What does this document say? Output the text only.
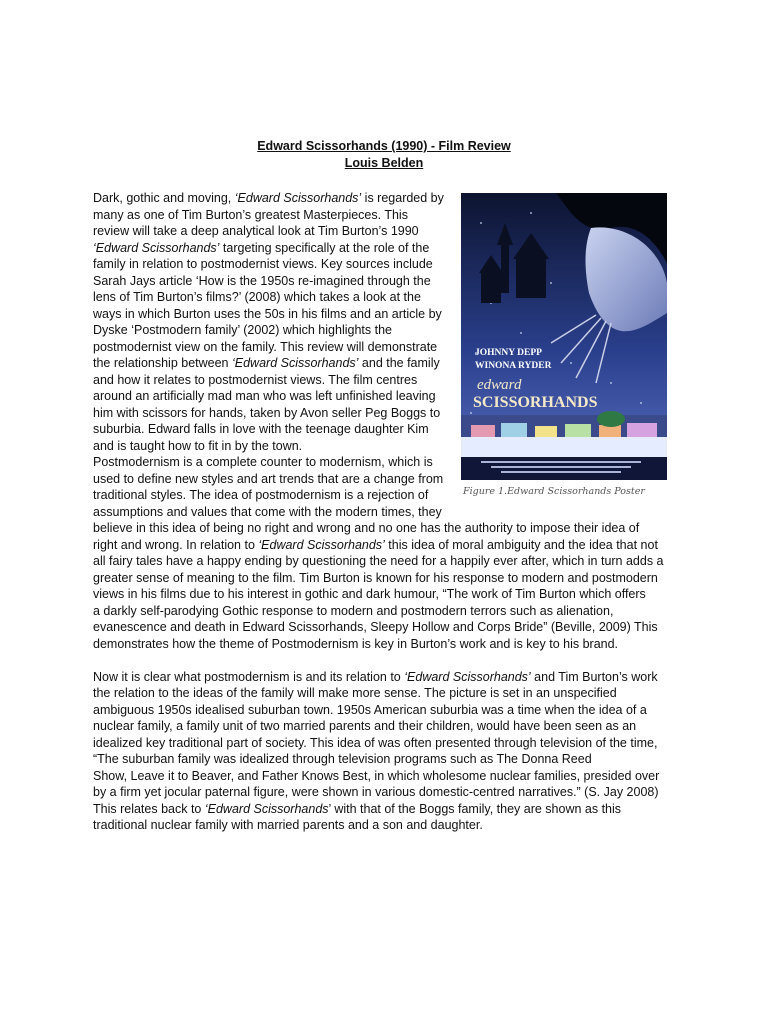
Edward Scissorhands (1990) - Film Review
Louis Belden
JOHNNY DEPP
WINONA RYDER
edward
SCISSORHANDS
Figure 1.Edward Scissorhands Poster
Dark, gothic and moving, ‘Edward Scissorhands’ is regarded by
many as one of Tim Burton’s greatest Masterpieces. This
review will take a deep analytical look at Tim Burton’s 1990
‘Edward Scissorhands’ targeting specifically at the role of the
family in relation to postmodernist views. Key sources include
Sarah Jays article ‘How is the 1950s re-imagined through the
lens of Tim Burton’s films?’ (2008) which takes a look at the
ways in which Burton uses the 50s in his films and an article by
Dyske ‘Postmodern family’ (2002) which highlights the
postmodernist view on the family. This review will demonstrate
the relationship between ‘Edward Scissorhands’ and the family
and how it relates to postmodernist views. The film centres
around an artificially mad man who was left unfinished leaving
him with scissors for hands, taken by Avon seller Peg Boggs to
suburbia. Edward falls in love with the teenage daughter Kim
and is taught how to fit in by the town.
Postmodernism is a complete counter to modernism, which is
used to define new styles and art trends that are a change from
traditional styles. The idea of postmodernism is a rejection of
assumptions and values that come with the modern times, they
believe in this idea of being no right and wrong and no one has the authority to impose their idea of
right and wrong. In relation to ‘Edward Scissorhands’ this idea of moral ambiguity and the idea that not
all fairy tales have a happy ending by questioning the need for a happily ever after, which in turn adds a
greater sense of meaning to the film. Tim Burton is known for his response to modern and postmodern
views in his films due to his interest in gothic and dark humour, “The work of Tim Burton which offers
a darkly self-parodying Gothic response to modern and postmodern terrors such as alienation,
evanescence and death in Edward Scissorhands, Sleepy Hollow and Corps Bride” (Beville, 2009) This
demonstrates how the theme of Postmodernism is key in Burton’s work and is key to his brand.
Now it is clear what postmodernism is and its relation to ‘Edward Scissorhands’ and Tim Burton’s work
the relation to the ideas of the family will make more sense. The picture is set in an unspecified
ambiguous 1950s idealised suburban town. 1950s American suburbia was a time when the idea of a
nuclear family, a family unit of two married parents and their children, would have been seen as an
idealized key traditional part of society. This idea of was often presented through television of the time,
“The suburban family was idealized through television programs such as The Donna Reed
Show, Leave it to Beaver, and Father Knows Best, in which wholesome nuclear families, presided over
by a firm yet jocular paternal figure, were shown in various domestic-centred narratives.” (S. Jay 2008)
This relates back to ‘Edward Scissorhands’ with that of the Boggs family, they are shown as this
traditional nuclear family with married parents and a son and daughter.
